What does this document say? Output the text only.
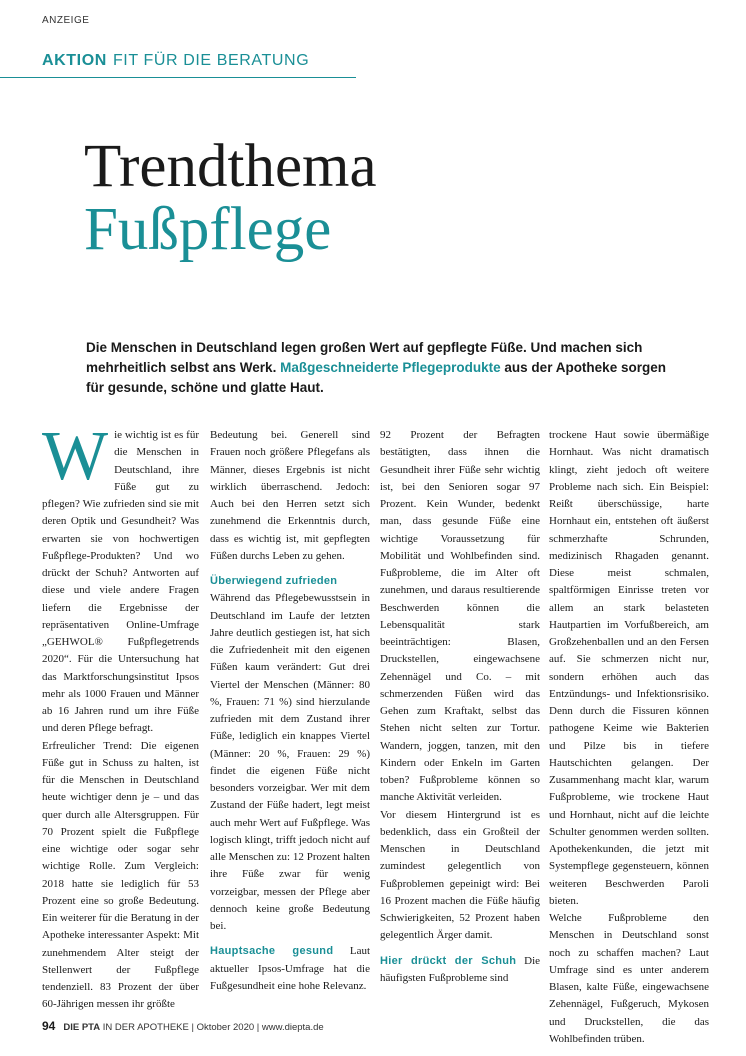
ANZEIGE
AKTION FIT FÜR DIE BERATUNG
Trendthema
Fußpflege
Die Menschen in Deutschland legen großen Wert auf gepflegte Füße. Und machen sich mehrheitlich selbst ans Werk. Maßgeschneiderte Pflegeprodukte aus der Apotheke sorgen für gesunde, schöne und glatte Haut.

Wie wichtig ist es für die Menschen in Deutschland, ihre Füße gut zu pflegen? Wie zufrieden sind sie mit deren Optik und Gesundheit? Was erwarten sie von hochwertigen Fußpflege-Produkten? Und wo drückt der Schuh? Antworten auf diese und viele andere Fragen liefern die Ergebnisse der repräsentativen Online-Umfrage „GEHWOL® Fußpflegetrends 2020“. Für die Untersuchung hat das Marktforschungsinstitut Ipsos mehr als 1000 Frauen und Männer ab 16 Jahren rund um ihre Füße und deren Pflege befragt.

Erfreulicher Trend: Die eigenen Füße gut in Schuss zu halten, ist für die Menschen in Deutschland heute wichtiger denn je – und das quer durch alle Altersgruppen. Für 70 Prozent spielt die Fußpflege eine wichtige oder sogar sehr wichtige Rolle. Zum Vergleich: 2018 hatte sie lediglich für 53 Prozent eine so große Bedeutung. Ein weiterer für die Beratung in der Apotheke interessanter Aspekt: Mit zunehmendem Alter steigt der Stellenwert der Fußpflege tendenziell. 83 Prozent der über 60-Jährigen messen ihr größte

Bedeutung bei. Generell sind Frauen noch größere Pflegefans als Männer, dieses Ergebnis ist nicht wirklich überraschend. Jedoch: Auch bei den Herren setzt sich zunehmend die Erkenntnis durch, dass es wichtig ist, mit gepflegten Füßen durchs Leben zu gehen.

Überwiegend zufrieden

Während das Pflegebewusstsein in Deutschland im Laufe der letzten Jahre deutlich gestiegen ist, hat sich die Zufriedenheit mit den eigenen Füßen kaum verändert: Gut drei Viertel der Menschen (Männer: 80 %, Frauen: 71 %) sind hierzulande zufrieden mit dem Zustand ihrer Füße, lediglich ein knappes Viertel (Männer: 20 %, Frauen: 29 %) findet die eigenen Füße nicht besonders vorzeigbar. Wer mit dem Zustand der Füße hadert, legt meist auch mehr Wert auf Fußpflege. Was logisch klingt, trifft jedoch nicht auf alle Menschen zu: 12 Prozent halten ihre Füße zwar für wenig vorzeigbar, messen der Pflege aber dennoch keine große Bedeutung bei.

Hauptsache gesund Laut aktueller Ipsos-Umfrage hat die Fußgesundheit eine hohe Relevanz.

92 Prozent der Befragten bestätigten, dass ihnen die Gesundheit ihrer Füße sehr wichtig ist, bei den Senioren sogar 97 Prozent. Kein Wunder, bedenkt man, dass gesunde Füße eine wichtige Voraussetzung für Mobilität und Wohlbefinden sind. Fußprobleme, die im Alter oft zunehmen, und daraus resultierende Beschwerden können die Lebensqualität stark beeinträchtigen: Blasen, Druckstellen, eingewachsene Zehennägel und Co. – mit schmerzenden Füßen wird das Gehen zum Kraftakt, selbst das Stehen nicht selten zur Tortur. Wandern, joggen, tanzen, mit den Kindern oder Enkeln im Garten toben? Fußprobleme können so manche Aktivität verleiden.

Vor diesem Hintergrund ist es bedenklich, dass ein Großteil der Menschen in Deutschland zumindest gelegentlich von Fußproblemen gepeinigt wird: Bei 16 Prozent machen die Füße häufig Schwierigkeiten, 52 Prozent haben gelegentlich Ärger damit.

Hier drückt der Schuh Die häufigsten Fußprobleme sind

trockene Haut sowie übermäßige Hornhaut. Was nicht dramatisch klingt, zieht jedoch oft weitere Probleme nach sich. Ein Beispiel: Reißt überschüssige, harte Hornhaut ein, entstehen oft äußerst schmerzhafte Schrunden, medizinisch Rhagaden genannt. Diese meist schmalen, spaltförmigen Einrisse treten vor allem an stark belasteten Hautpartien im Vorfußbereich, am Großzehenballen und an den Fersen auf. Sie schmerzen nicht nur, sondern erhöhen auch das Entzündungs- und Infektionsrisiko. Denn durch die Fissuren können pathogene Keime wie Bakterien und Pilze bis in tiefere Hautschichten gelangen. Der Zusammenhang macht klar, warum Fußprobleme, wie trockene Haut und Hornhaut, nicht auf die leichte Schulter genommen werden sollten. Apothekenkunden, die jetzt mit Systempflege gegensteuern, können weiteren Beschwerden Paroli bieten.

Welche Fußprobleme den Menschen in Deutschland sonst noch zu schaffen machen? Laut Umfrage sind es unter anderem Blasen, kalte Füße, eingewachsene Zehennägel, Fußgeruch, Mykosen und Druckstellen, die das Wohlbefinden trüben.

94 DIE PTA IN DER APOTHEKE | Oktober 2020 | www.diepta.de
